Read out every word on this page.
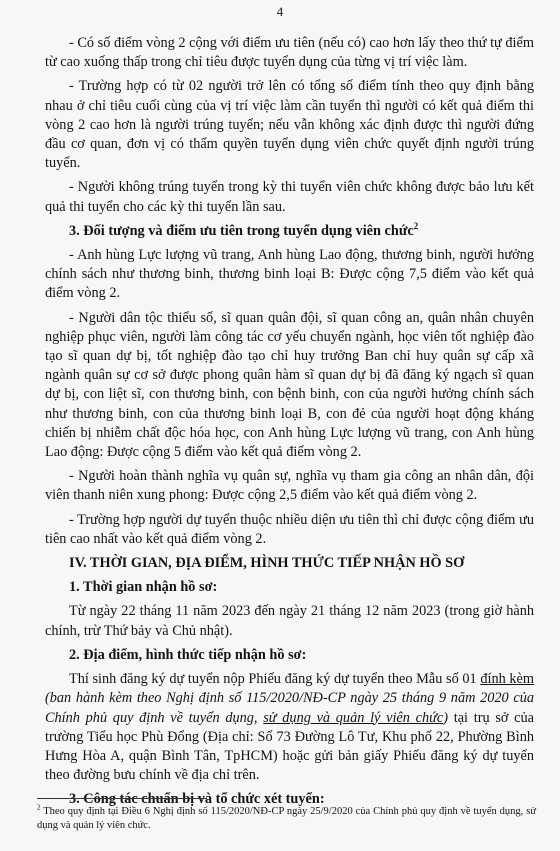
4

- Có số điểm vòng 2 cộng với điểm ưu tiên (nếu có) cao hơn lấy theo thứ tự điểm từ cao xuống thấp trong chỉ tiêu được tuyển dụng của từng vị trí việc làm.

- Trường hợp có từ 02 người trở lên có tổng số điểm tính theo quy định bằng nhau ở chỉ tiêu cuối cùng của vị trí việc làm cần tuyển thì người có kết quả điểm thi vòng 2 cao hơn là người trúng tuyển; nếu vẫn không xác định được thì người đứng đầu cơ quan, đơn vị có thẩm quyền tuyển dụng viên chức quyết định người trúng tuyển.

- Người không trúng tuyển trong kỳ thi tuyển viên chức không được bảo lưu kết quả thi tuyển cho các kỳ thi tuyển lần sau.

3. Đối tượng và điểm ưu tiên trong tuyển dụng viên chức$^2$

- Anh hùng Lực lượng vũ trang, Anh hùng Lao động, thương binh, người hưởng chính sách như thương binh, thương binh loại B: Được cộng 7,5 điểm vào kết quả điểm vòng 2.

- Người dân tộc thiểu số, sĩ quan quân đội, sĩ quan công an, quân nhân chuyên nghiệp phục viên, người làm công tác cơ yếu chuyển ngành, học viên tốt nghiệp đào tạo sĩ quan dự bị, tốt nghiệp đào tạo chỉ huy trưởng Ban chỉ huy quân sự cấp xã ngành quân sự cơ sở được phong quân hàm sĩ quan dự bị đã đăng ký ngạch sĩ quan dự bị, con liệt sĩ, con thương binh, con bệnh binh, con của người hưởng chính sách như thương binh, con của thương binh loại B, con đẻ của người hoạt động kháng chiến bị nhiễm chất độc hóa học, con Anh hùng Lực lượng vũ trang, con Anh hùng Lao động: Được cộng 5 điểm vào kết quả điểm vòng 2.

- Người hoàn thành nghĩa vụ quân sự, nghĩa vụ tham gia công an nhân dân, đội viên thanh niên xung phong: Được cộng 2,5 điểm vào kết quả điểm vòng 2.

- Trường hợp người dự tuyển thuộc nhiều diện ưu tiên thì chỉ được cộng điểm ưu tiên cao nhất vào kết quả điểm vòng 2.

IV. THỜI GIAN, ĐỊA ĐIỂM, HÌNH THỨC TIẾP NHẬN HỒ SƠ
1. Thời gian nhận hồ sơ:

Từ ngày 22 tháng 11 năm 2023 đến ngày 21 tháng 12 năm 2023 (trong giờ hành chính, trừ Thứ bảy và Chủ nhật).

2. Địa điểm, hình thức tiếp nhận hồ sơ:

Thí sinh đăng ký dự tuyển nộp Phiếu đăng ký dự tuyển theo Mẫu số 01 đính kèm (ban hành kèm theo Nghị định số 115/2020/NĐ-CP ngày 25 tháng 9 năm 2020 của Chính phủ quy định về tuyển dụng, sử dụng và quản lý viên chức) tại trụ sở của trường Tiểu học Phù Đổng (Địa chỉ: Số 73 Đường Lô Tư, Khu phố 22, Phường Bình Hưng Hòa A, quận Bình Tân, TpHCM) hoặc gửi bản giấy Phiếu đăng ký dự tuyển theo đường bưu chính về địa chỉ trên.

3. Công tác chuẩn bị và tổ chức xét tuyển:
$^2$ Theo quy định tại Điều 6 Nghị định số 115/2020/NĐ-CP ngày 25/9/2020 của Chính phủ quy định về tuyển dụng, sử dụng và quản lý viên chức.
